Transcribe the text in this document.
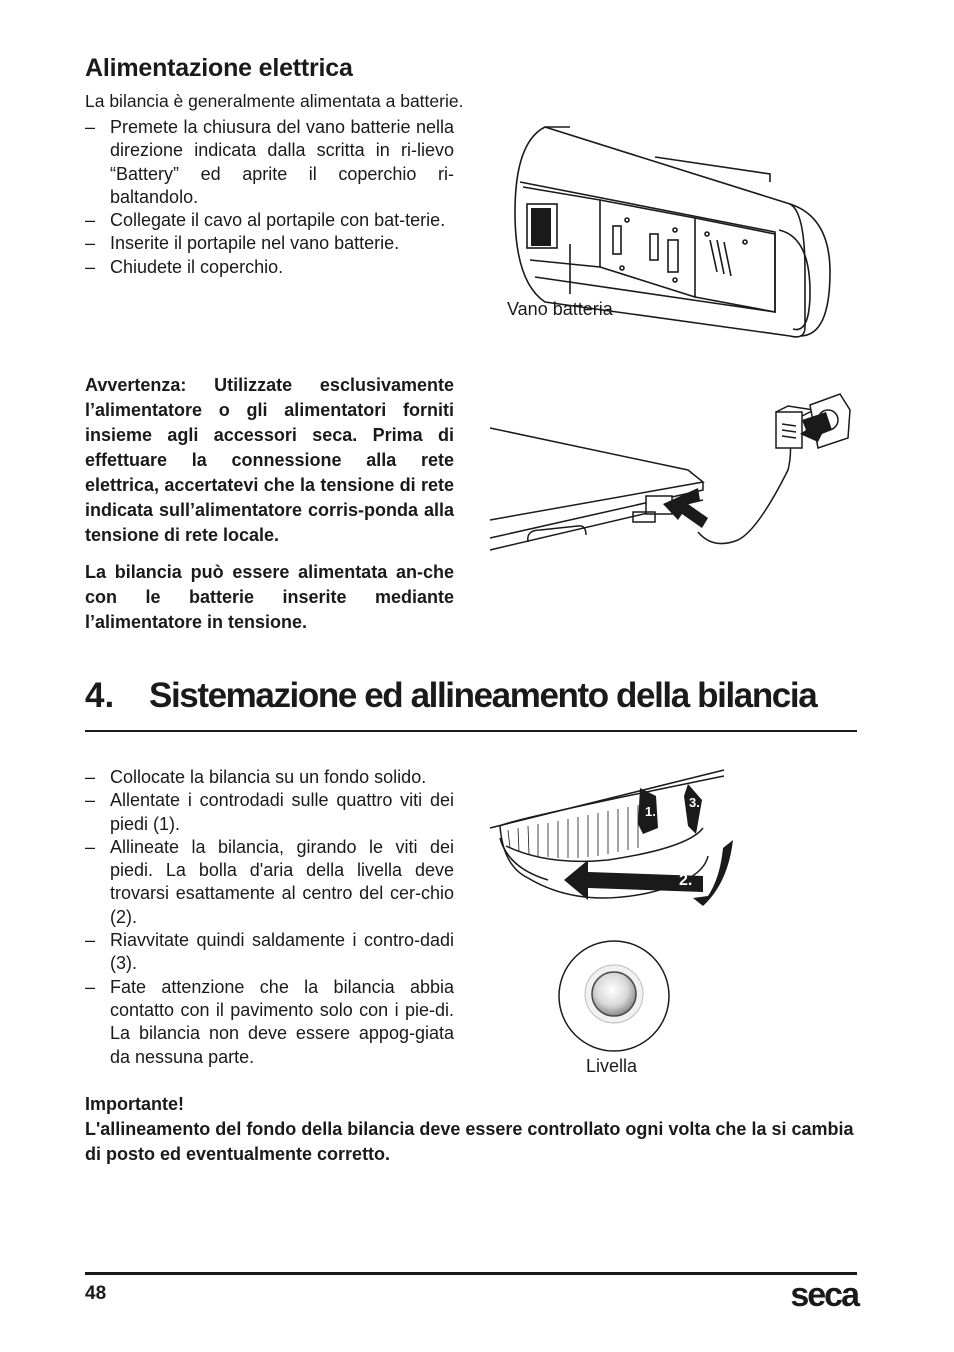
Alimentazione elettrica
La bilancia è generalmente alimentata a batterie.
– Premete la chiusura del vano batterie nella direzione indicata dalla scritta in ri-lievo “Battery” ed aprite il coperchio ri-baltandolo.
– Collegate il cavo al portapile con bat-terie.
– Inserite il portapile nel vano batterie.
– Chiudete il coperchio.
Vano batteria

Avvertenza: Utilizzate esclusivamente l’alimentatore o gli alimentatori forniti insieme agli accessori seca. Prima di effettuare la connessione alla rete elettrica, accertatevi che la tensione di rete indicata sull’alimentatore corris-ponda alla tensione di rete locale.

La bilancia può essere alimentata an-che con le batterie inserite mediante l’alimentatore in tensione.

4. Sistemazione ed allineamento della bilancia
– Collocate la bilancia su un fondo solido.
– Allentate i controdadi sulle quattro viti dei piedi (1).
– Allineate la bilancia, girando le viti dei piedi. La bolla d'aria della livella deve trovarsi esattamente al centro del cer-chio (2).
– Riavvitate quindi saldamente i contro-dadi (3).
– Fate attenzione che la bilancia abbia contatto con il pavimento solo con i pie-di. La bilancia non deve essere appog-giata da nessuna parte.
1.
2.
3.
Livella
Importante!
L'allineamento del fondo della bilancia deve essere controllato ogni volta che la si cambia di posto ed eventualmente corretto.
48	seca
